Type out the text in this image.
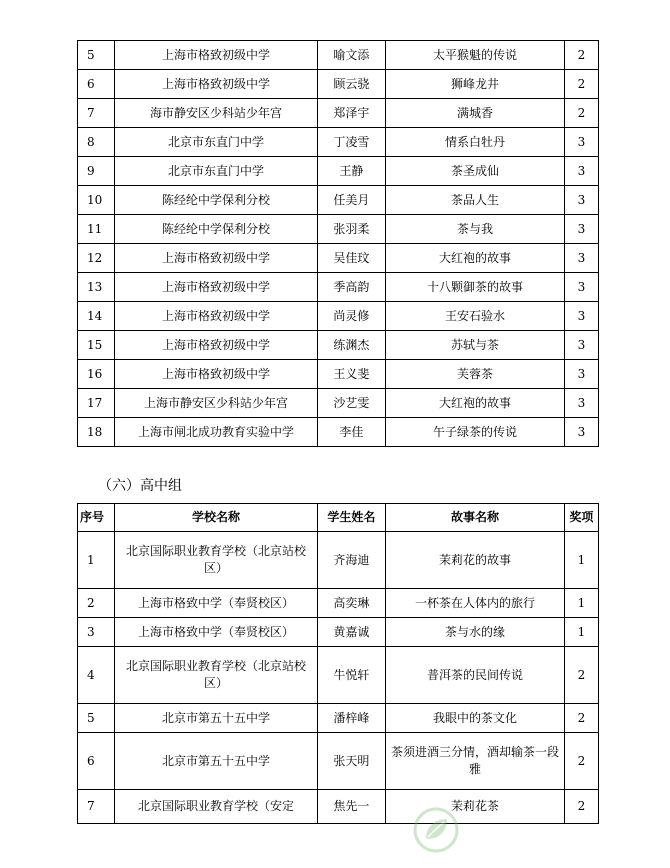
5	上海市格致初级中学	喻文添	太平猴魁的传说	2
6	上海市格致初级中学	顾云骁	狮峰龙井	2
7	海市静安区少科站少年宫	郑泽宇	满城香	2
8	北京市东直门中学	丁凌雪	情系白牡丹	3
9	北京市东直门中学	王静	茶圣成仙	3
10	陈经纶中学保利分校	任美月	茶品人生	3
11	陈经纶中学保利分校	张羽柔	茶与我	3
12	上海市格致初级中学	吴佳玟	大红袍的故事	3
13	上海市格致初级中学	季高韵	十八颗御茶的故事	3
14	上海市格致初级中学	尚灵修	王安石验水	3
15	上海市格致初级中学	练渊杰	苏轼与茶	3
16	上海市格致初级中学	王义斐	芙蓉茶	3
17	上海市静安区少科站少年宫	沙艺雯	大红袍的故事	3
18	上海市闸北成功教育实验中学	李佳	午子绿茶的传说	3
（六）高中组
序号	学校名称	学生姓名	故事名称	奖项
1	北京国际职业教育学校（北京站校区）	齐海迪	茉莉花的故事	1
2	上海市格致中学（奉贤校区）	高奕琳	一杯茶在人体内的旅行	1
3	上海市格致中学（奉贤校区）	黄嘉诚	茶与水的缘	1
4	北京国际职业教育学校（北京站校区）	牛悦轩	普洱茶的民间传说	2
5	北京市第五十五中学	潘梓峰	我眼中的茶文化	2
6	北京市第五十五中学	张天明	茶须进酒三分情，酒却输茶一段雅	2
7	北京国际职业教育学校（安定	焦先一	茉莉花茶	2
